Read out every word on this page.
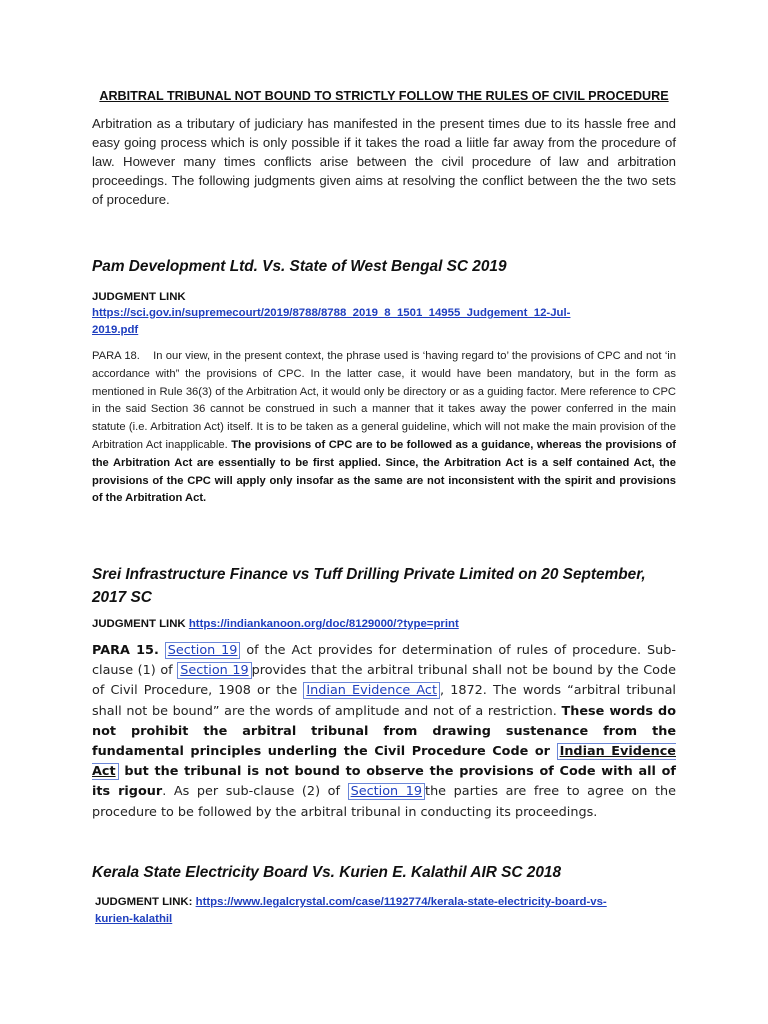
ARBITRAL TRIBUNAL NOT BOUND TO STRICTLY FOLLOW THE RULES OF CIVIL PROCEDURE
Arbitration as a tributary of judiciary has manifested in the present times due to its hassle free and easy going process which is only possible if it takes the road a liitle far away from the procedure of law. However many times conflicts arise between the civil procedure of law and arbitration proceedings. The following judgments given aims at resolving the conflict between the the two sets of procedure.
Pam Development Ltd. Vs. State of West Bengal SC 2019
JUDGMENT LINK
https://sci.gov.in/supremecourt/2019/8788/8788_2019_8_1501_14955_Judgement_12-Jul-
2019.pdf
PARA 18. In our view, in the present context, the phrase used is ‘having regard to’ the provisions of CPC and not ‘in accordance with” the provisions of CPC. In the latter case, it would have been mandatory, but in the form as mentioned in Rule 36(3) of the Arbitration Act, it would only be directory or as a guiding factor. Mere reference to CPC in the said Section 36 cannot be construed in such a manner that it takes away the power conferred in the main statute (i.e. Arbitration Act) itself. It is to be taken as a general guideline, which will not make the main provision of the Arbitration Act inapplicable. The provisions of CPC are to be followed as a guidance, whereas the provisions of the Arbitration Act are essentially to be first applied. Since, the Arbitration Act is a self contained Act, the provisions of the CPC will apply only insofar as the same are not inconsistent with the spirit and provisions of the Arbitration Act.
Srei Infrastructure Finance vs Tuff Drilling Private Limited on 20 September, 2017 SC
JUDGMENT LINK https://indiankanoon.org/doc/8129000/?type=print
PARA 15. Section 19 of the Act provides for determination of rules of procedure. Sub-clause (1) of Section 19 provides that the arbitral tribunal shall not be bound by the Code of Civil Procedure, 1908 or the Indian Evidence Act , 1872. The words “arbitral tribunal shall not be bound” are the words of amplitude and not of a restriction. These words do not prohibit the arbitral tribunal from drawing sustenance from the fundamental principles underling the Civil Procedure Code or Indian Evidence Act but the tribunal is not bound to observe the provisions of Code with all of its rigour. As per sub-clause (2) of Section 19 the parties are free to agree on the procedure to be followed by the arbitral tribunal in conducting its proceedings.
Kerala State Electricity Board Vs. Kurien E. Kalathil AIR SC 2018
JUDGMENT LINK: https://www.legalcrystal.com/case/1192774/kerala-state-electricity-board-vs-
kurien-kalathil
